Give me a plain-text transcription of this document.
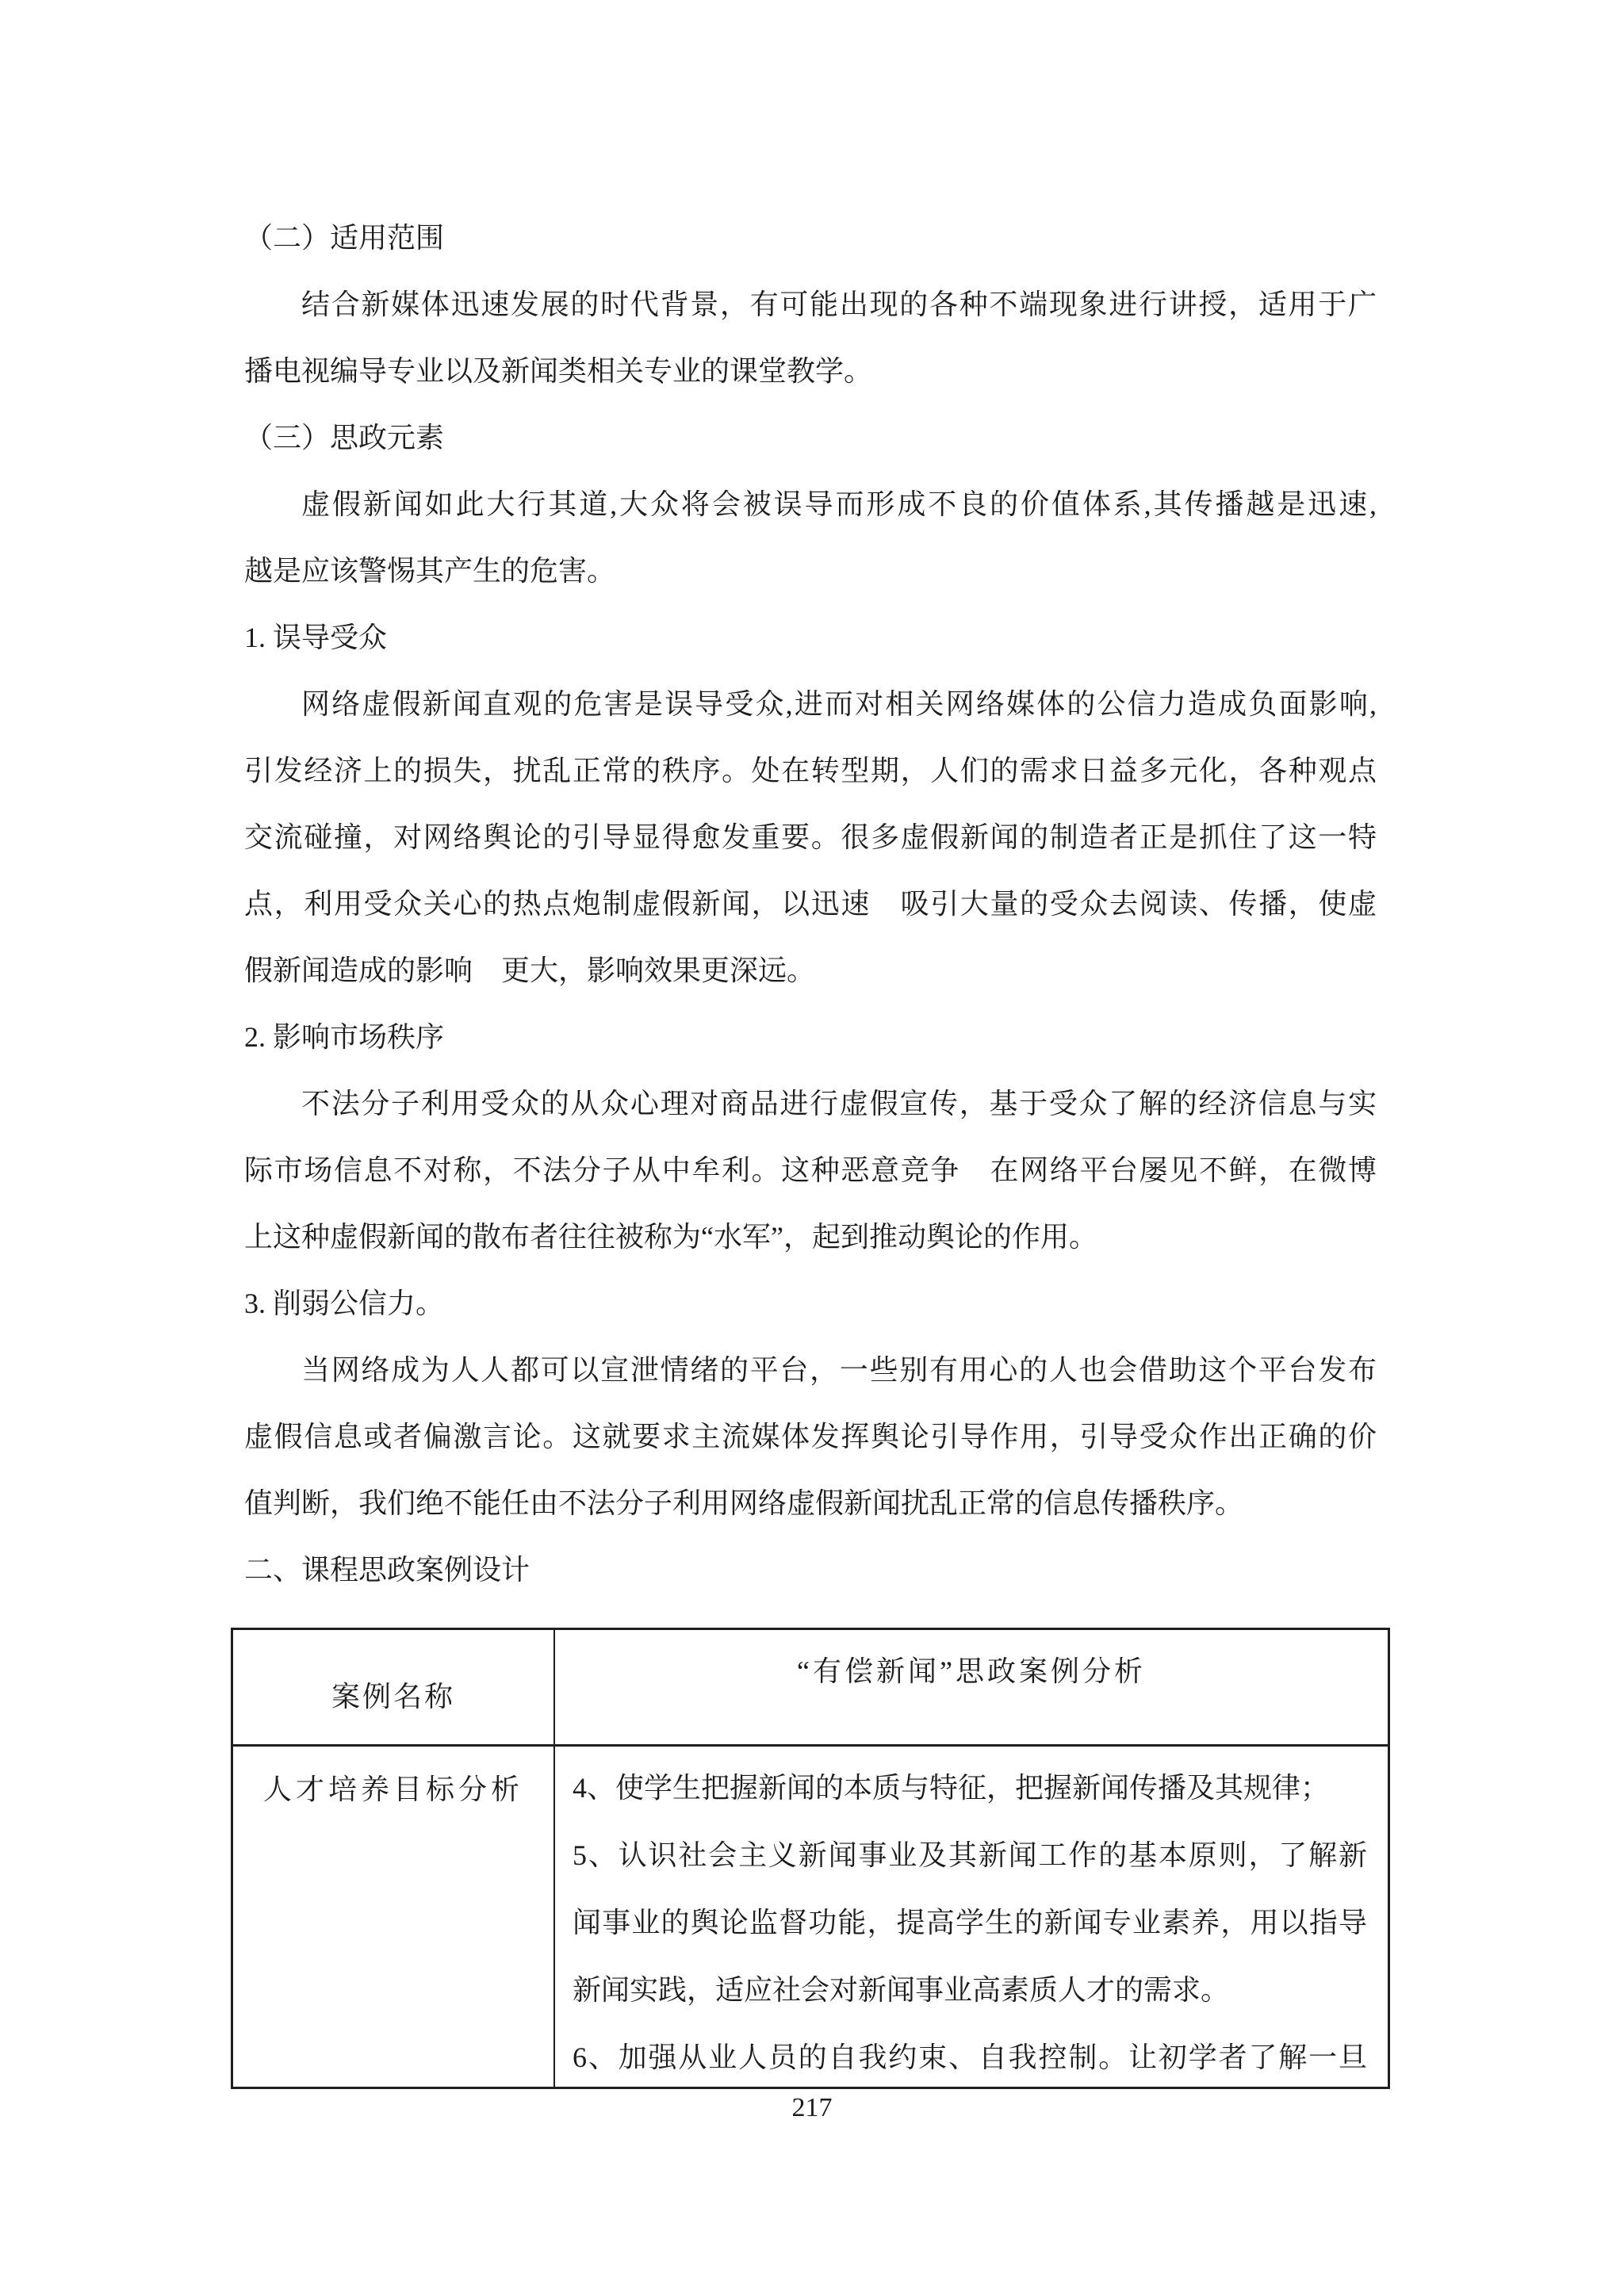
（二）适用范围
结合新媒体迅速发展的时代背景，有可能出现的各种不端现象进行讲授，适用于广
播电视编导专业以及新闻类相关专业的课堂教学。
（三）思政元素
虚假新闻如此大行其道,大众将会被误导而形成不良的价值体系,其传播越是迅速,
越是应该警惕其产生的危害。
1. 误导受众
网络虚假新闻直观的危害是误导受众,进而对相关网络媒体的公信力造成负面影响,
引发经济上的损失，扰乱正常的秩序。处在转型期，人们的需求日益多元化，各种观点
交流碰撞，对网络舆论的引导显得愈发重要。很多虚假新闻的制造者正是抓住了这一特
点，利用受众关心的热点炮制虚假新闻，以迅速　吸引大量的受众去阅读、传播，使虚
假新闻造成的影响　更大，影响效果更深远。
2. 影响市场秩序
不法分子利用受众的从众心理对商品进行虚假宣传，基于受众了解的经济信息与实
际市场信息不对称，不法分子从中牟利。这种恶意竞争　在网络平台屡见不鲜，在微博
上这种虚假新闻的散布者往往被称为“水军”，起到推动舆论的作用。
3. 削弱公信力。
当网络成为人人都可以宣泄情绪的平台，一些别有用心的人也会借助这个平台发布
虚假信息或者偏激言论。这就要求主流媒体发挥舆论引导作用，引导受众作出正确的价
值判断，我们绝不能任由不法分子利用网络虚假新闻扰乱正常的信息传播秩序。
二、课程思政案例设计
案例名称
“有偿新闻”思政案例分析
人才培养目标分析	4、使学生把握新闻的本质与特征，把握新闻传播及其规律；
5、认识社会主义新闻事业及其新闻工作的基本原则，了解新
闻事业的舆论监督功能，提高学生的新闻专业素养，用以指导
新闻实践，适应社会对新闻事业高素质人才的需求。
6、加强从业人员的自我约束、自我控制。让初学者了解一旦
217
